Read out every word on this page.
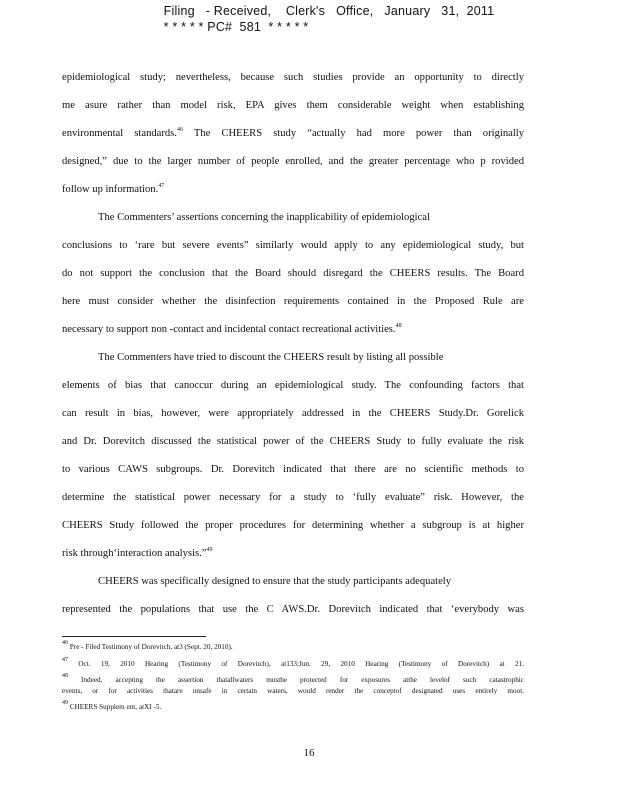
Filing   - Received,    Clerk's   Office,   January   31,  2011
* * * * * PC#  581  * * * * *
epidemiological study; nevertheless, because such studies provide an opportunity to directly
me asure rather than model risk, EPA gives them considerable weight when establishing
environmental standards.$^{46}$ The CHEERS study “actually had more power than originally
designed,” due to the larger number of people enrolled, and the greater percentage who p rovided
follow up information.$^{47}$
The Commenters’ assertions concerning the inapplicability of epidemiological
conclusions to ‘rare but severe events” similarly would apply to any epidemiological study, but
do not support the conclusion that the Board should disregard the CHEERS results. The Board
here must consider whether the disinfection requirements contained in the Proposed Rule are
necessary to support non -contact and incidental contact recreational activities.$^{48}$
The Commenters have tried to discount the CHEERS result by listing all possible
elements of bias that canoccur during an epidemiological study. The confounding factors that
can result in bias, however, were appropriately addressed in the CHEERS Study.Dr. Gorelick
and Dr. Dorevitch discussed the statistical power of the CHEERS Study to fully evaluate the risk
to various CAWS subgroups. Dr. Dorevitch indicated that there are no scientific methods to
determine the statistical power necessary for a study to ‘fully evaluate” risk. However, the
CHEERS Study followed the proper procedures for determining whether a subgroup is at higher
risk through‘interaction analysis.”$^{49}$
CHEERS was specifically designed to ensure that the study participants adequately
represented the populations that use the C AWS.Dr. Dorevitch indicated that ‘everybody was
$^{46}$ Pre - Filed Testimony of Dorevitch, at3 (Sept. 20, 2010).
$^{47}$ Oct. 19, 2010 Hearing (Testimony of Dorevitch), at133;Jun. 29, 2010 Hearing (Testimony of Dorevitch) at 21.
$^{48}$ Indeed, accepting the assertion thatallwaters mustbe protected for exposures atthe levelof such catastrophic
events, or for activities thatare unsafe in certain waters, would render the conceptof designated uses entirely moot.
$^{49}$ CHEERS Supplem ent, atXI -5.
16
